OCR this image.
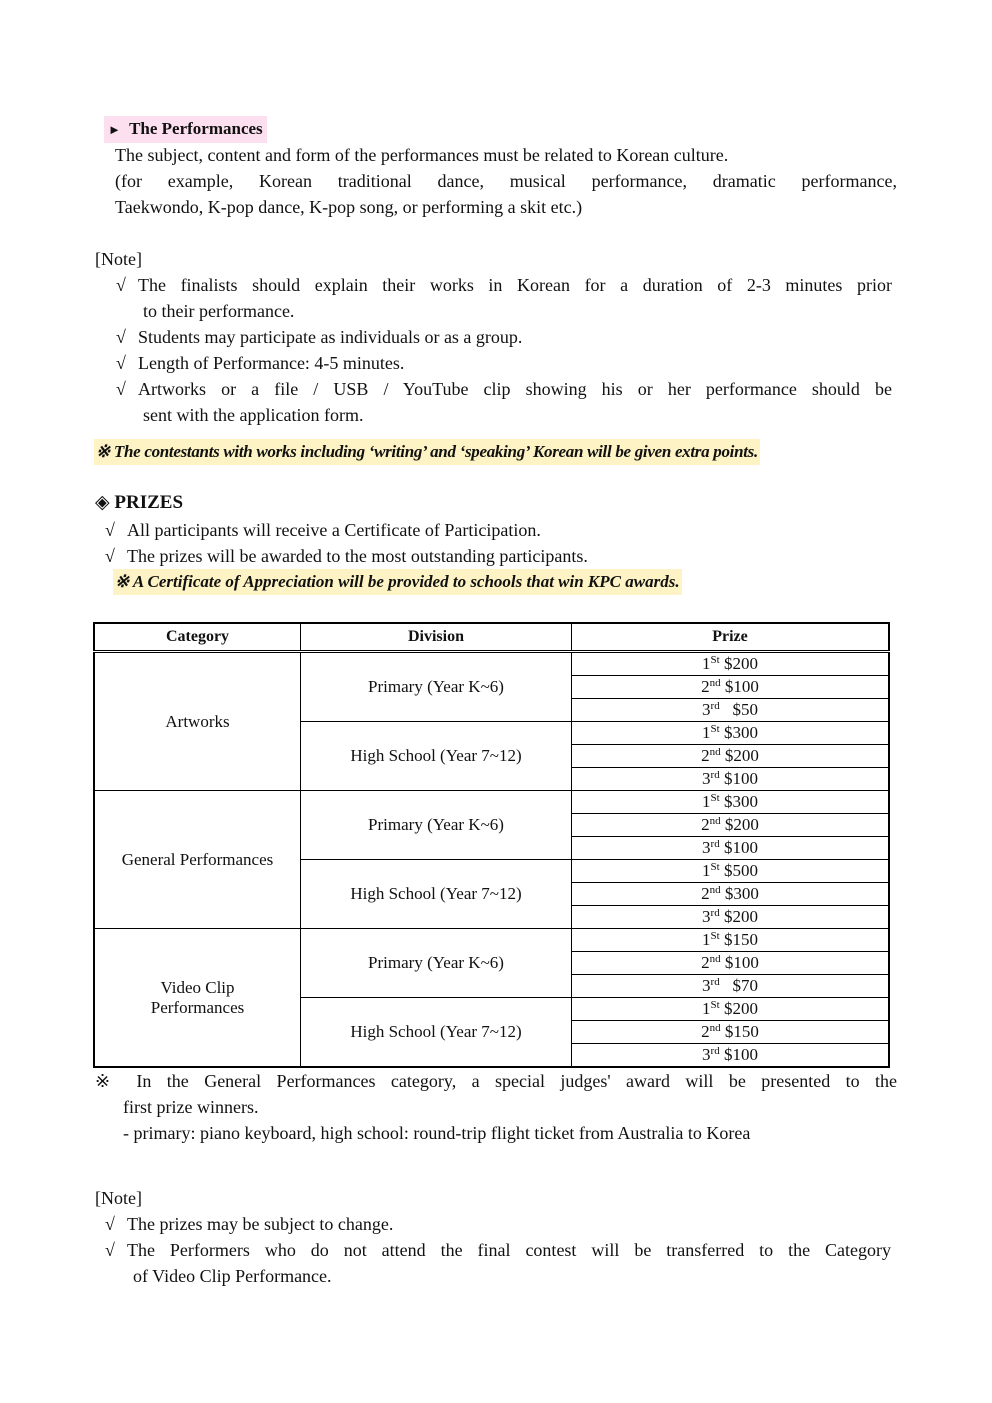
► The Performances
The subject, content and form of the performances must be related to Korean culture.
(for example, Korean traditional dance, musical performance, dramatic performance,
Taekwondo, K-pop dance, K-pop song, or performing a skit etc.)
[Note]
√ The finalists should explain their works in Korean for a duration of 2-3 minutes prior
to their performance.
√ Students may participate as individuals or as a group.
√ Length of Performance: 4-5 minutes.
√ Artworks or a file / USB / YouTube clip showing his or her performance should be
sent with the application form.
※ The contestants with works including ‘writing’ and ‘speaking’ Korean will be given extra points.
◈ PRIZES
√ All participants will receive a Certificate of Participation.
√ The prizes will be awarded to the most outstanding participants.
※ A Certificate of Appreciation will be provided to schools that win KPC awards.
Category	Division	Prize
Artworks	Primary (Year K~6)	1St $200
		2nd $100
		3rd $50
	High School (Year 7~12)	1St $300
		2nd $200
		3rd $100
General Performances	Primary (Year K~6)	1St $300
		2nd $200
		3rd $100
	High School (Year 7~12)	1St $500
		2nd $300
		3rd $200
Video Clip
Performances	Primary (Year K~6)	1St $150
		2nd $100
		3rd $70
	High School (Year 7~12)	1St $200
		2nd $150
		3rd $100
※ In the General Performances category, a special judges' award will be presented to the
first prize winners.
- primary: piano keyboard, high school: round-trip flight ticket from Australia to Korea
[Note]
√ The prizes may be subject to change.
√ The Performers who do not attend the final contest will be transferred to the Category
of Video Clip Performance.
